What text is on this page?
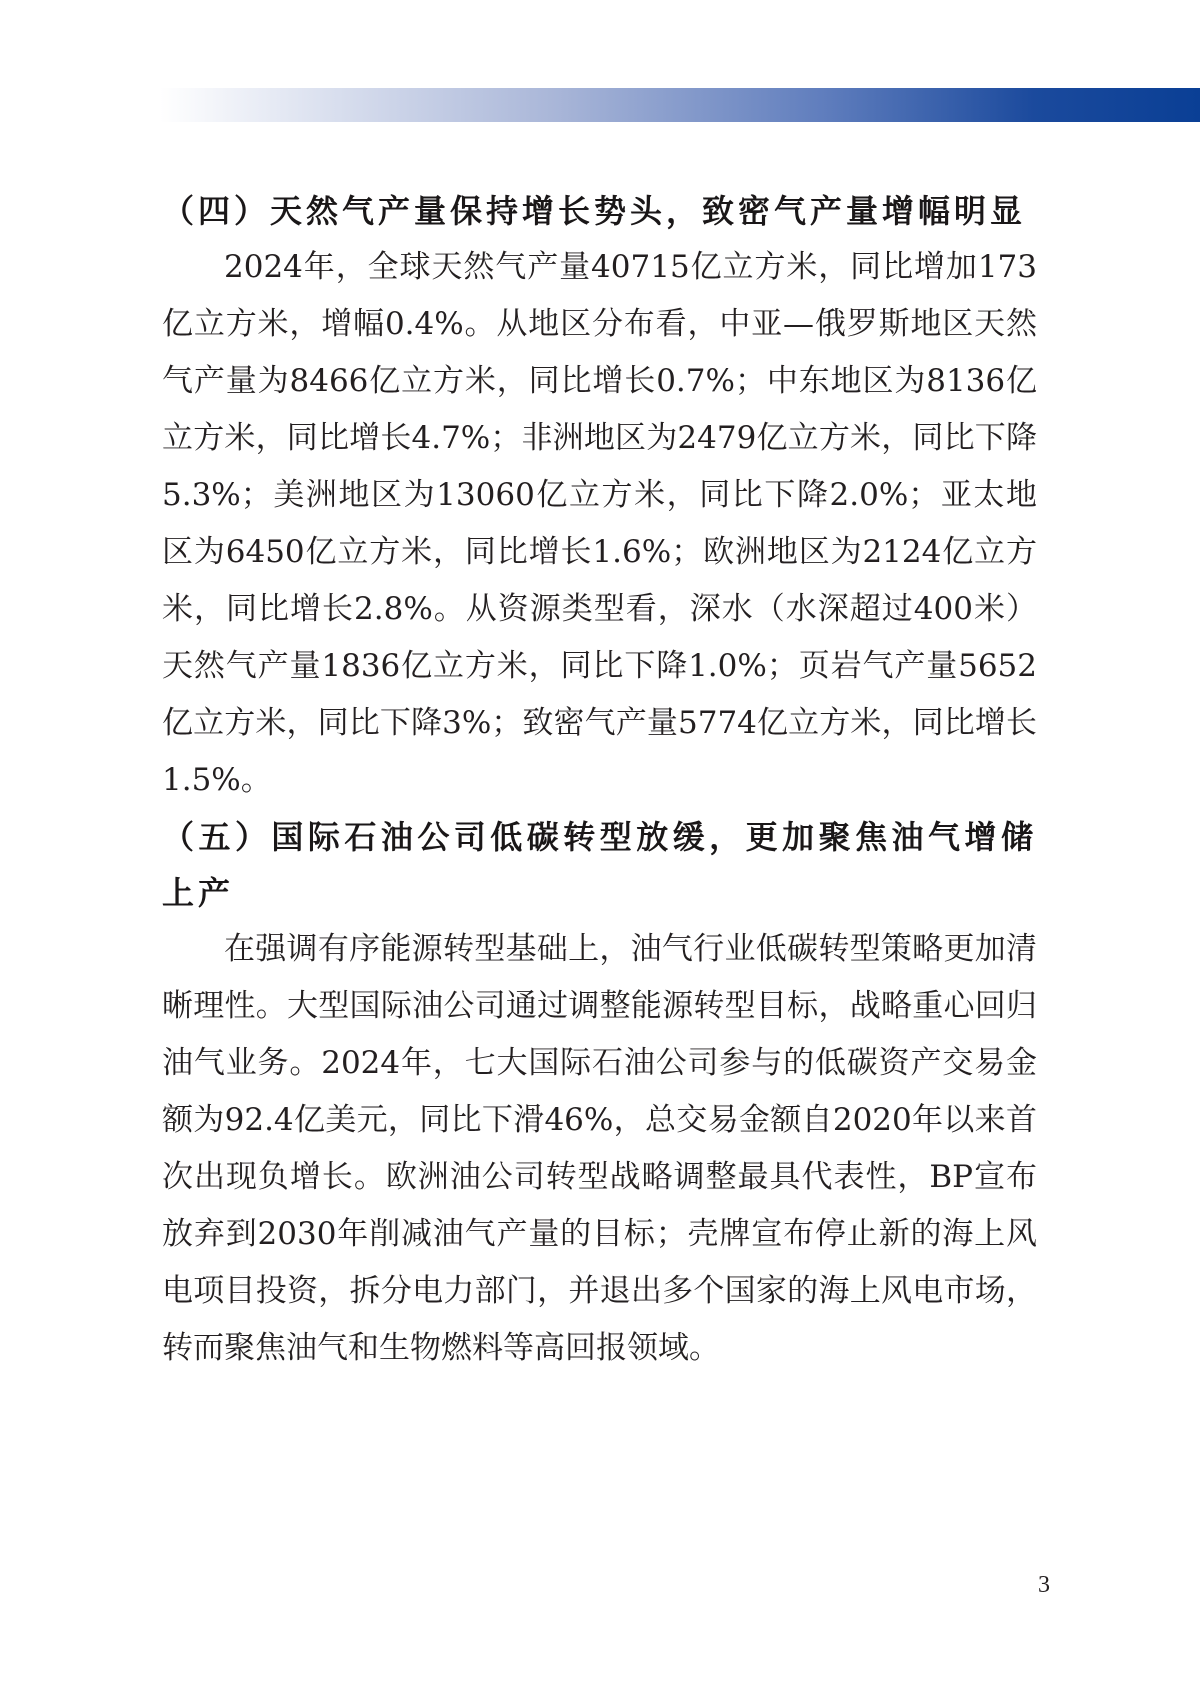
（四）天然气产量保持增长势头，致密气产量增幅明显

2024年，全球天然气产量40715亿立方米，同比增加173亿立方米，增幅0.4%。从地区分布看，中亚—俄罗斯地区天然气产量为8466亿立方米，同比增长0.7%；中东地区为8136亿立方米，同比增长4.7%；非洲地区为2479亿立方米，同比下降5.3%；美洲地区为13060亿立方米，同比下降2.0%；亚太地区为6450亿立方米，同比增长1.6%；欧洲地区为2124亿立方米，同比增长2.8%。从资源类型看，深水（水深超过400米）天然气产量1836亿立方米，同比下降1.0%；页岩气产量5652亿立方米，同比下降3%；致密气产量5774亿立方米，同比增长1.5%。

（五）国际石油公司低碳转型放缓，更加聚焦油气增储上产

在强调有序能源转型基础上，油气行业低碳转型策略更加清晰理性。大型国际油公司通过调整能源转型目标，战略重心回归油气业务。2024年，七大国际石油公司参与的低碳资产交易金额为92.4亿美元，同比下滑46%，总交易金额自2020年以来首次出现负增长。欧洲油公司转型战略调整最具代表性，BP宣布放弃到2030年削减油气产量的目标；壳牌宣布停止新的海上风电项目投资，拆分电力部门，并退出多个国家的海上风电市场，转而聚焦油气和生物燃料等高回报领域。

3
